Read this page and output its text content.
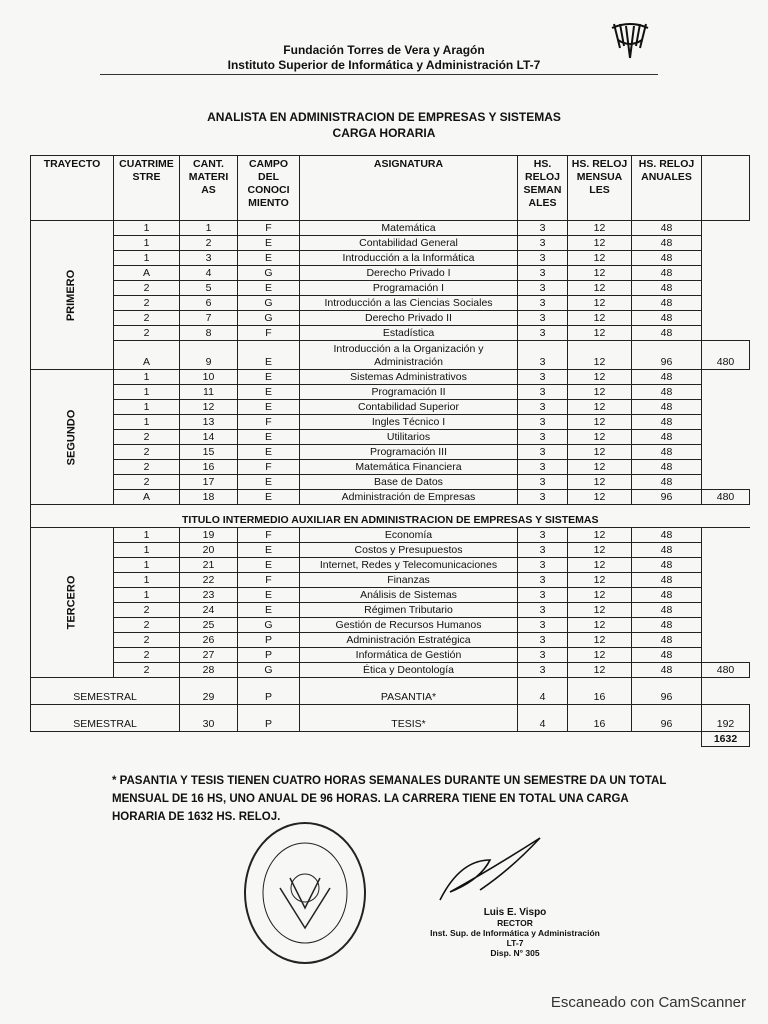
Fundación Torres de Vera y Aragón
Instituto Superior de Informática y Administración LT-7
ANALISTA EN ADMINISTRACION DE EMPRESAS Y SISTEMAS
CARGA HORARIA
TRAYECTO	CUATRIME STRE	CANT. MATERI AS	CAMPO DEL CONOCI MIENTO	ASIGNATURA	HS. RELOJ SEMAN ALES	HS. RELOJ MENSUA LES	HS. RELOJ ANUALES	
PRIMERO	1	1	F	Matemática	3	12	48	
	1	2	E	Contabilidad General	3	12	48	
	1	3	E	Introducción a la Informática	3	12	48	
	A	4	G	Derecho Privado I	3	12	48	
	2	5	E	Programación I	3	12	48	
	2	6	G	Introducción a las Ciencias Sociales	3	12	48	
	2	7	G	Derecho Privado II	3	12	48	
	2	8	F	Estadística	3	12	48	
	A	9	E	Introducción a la Organización y Administración	3	12	96	480
SEGUNDO	1	10	E	Sistemas Administrativos	3	12	48	
	1	11	E	Programación II	3	12	48	
	1	12	E	Contabilidad Superior	3	12	48	
	1	13	F	Ingles Técnico I	3	12	48	
	2	14	E	Utilitarios	3	12	48	
	2	15	E	Programación III	3	12	48	
	2	16	F	Matemática Financiera	3	12	48	
	2	17	E	Base de Datos	3	12	48	
	A	18	E	Administración de Empresas	3	12	96	480
TITULO INTERMEDIO AUXILIAR EN ADMINISTRACION DE EMPRESAS Y SISTEMAS								
TERCERO	1	19	F	Economía	3	12	48	
	1	20	E	Costos y Presupuestos	3	12	48	
	1	21	E	Internet, Redes y Telecomunicaciones	3	12	48	
	1	22	F	Finanzas	3	12	48	
	1	23	E	Análisis de Sistemas	3	12	48	
	2	24	E	Régimen Tributario	3	12	48	
	2	25	G	Gestión de Recursos Humanos	3	12	48	
	2	26	P	Administración Estratégica	3	12	48	
	2	27	P	Informática de Gestión	3	12	48	
	2	28	G	Ética y Deontología	3	12	48	480
SEMESTRAL		29	P	PASANTIA*	4	16	96	
SEMESTRAL		30	P	TESIS*	4	16	96	192
								1632
* PASANTIA Y TESIS TIENEN CUATRO HORAS SEMANALES DURANTE UN SEMESTRE DA UN TOTAL MENSUAL DE 16 HS, UNO ANUAL DE 96 HORAS. LA CARRERA TIENE EN TOTAL UNA CARGA HORARIA DE 1632 HS. RELOJ.
Luis E. Vispo
RECTOR
Inst. Sup. de Informática y Administración LT-7
Disp. N° 305
Escaneado con CamScanner
